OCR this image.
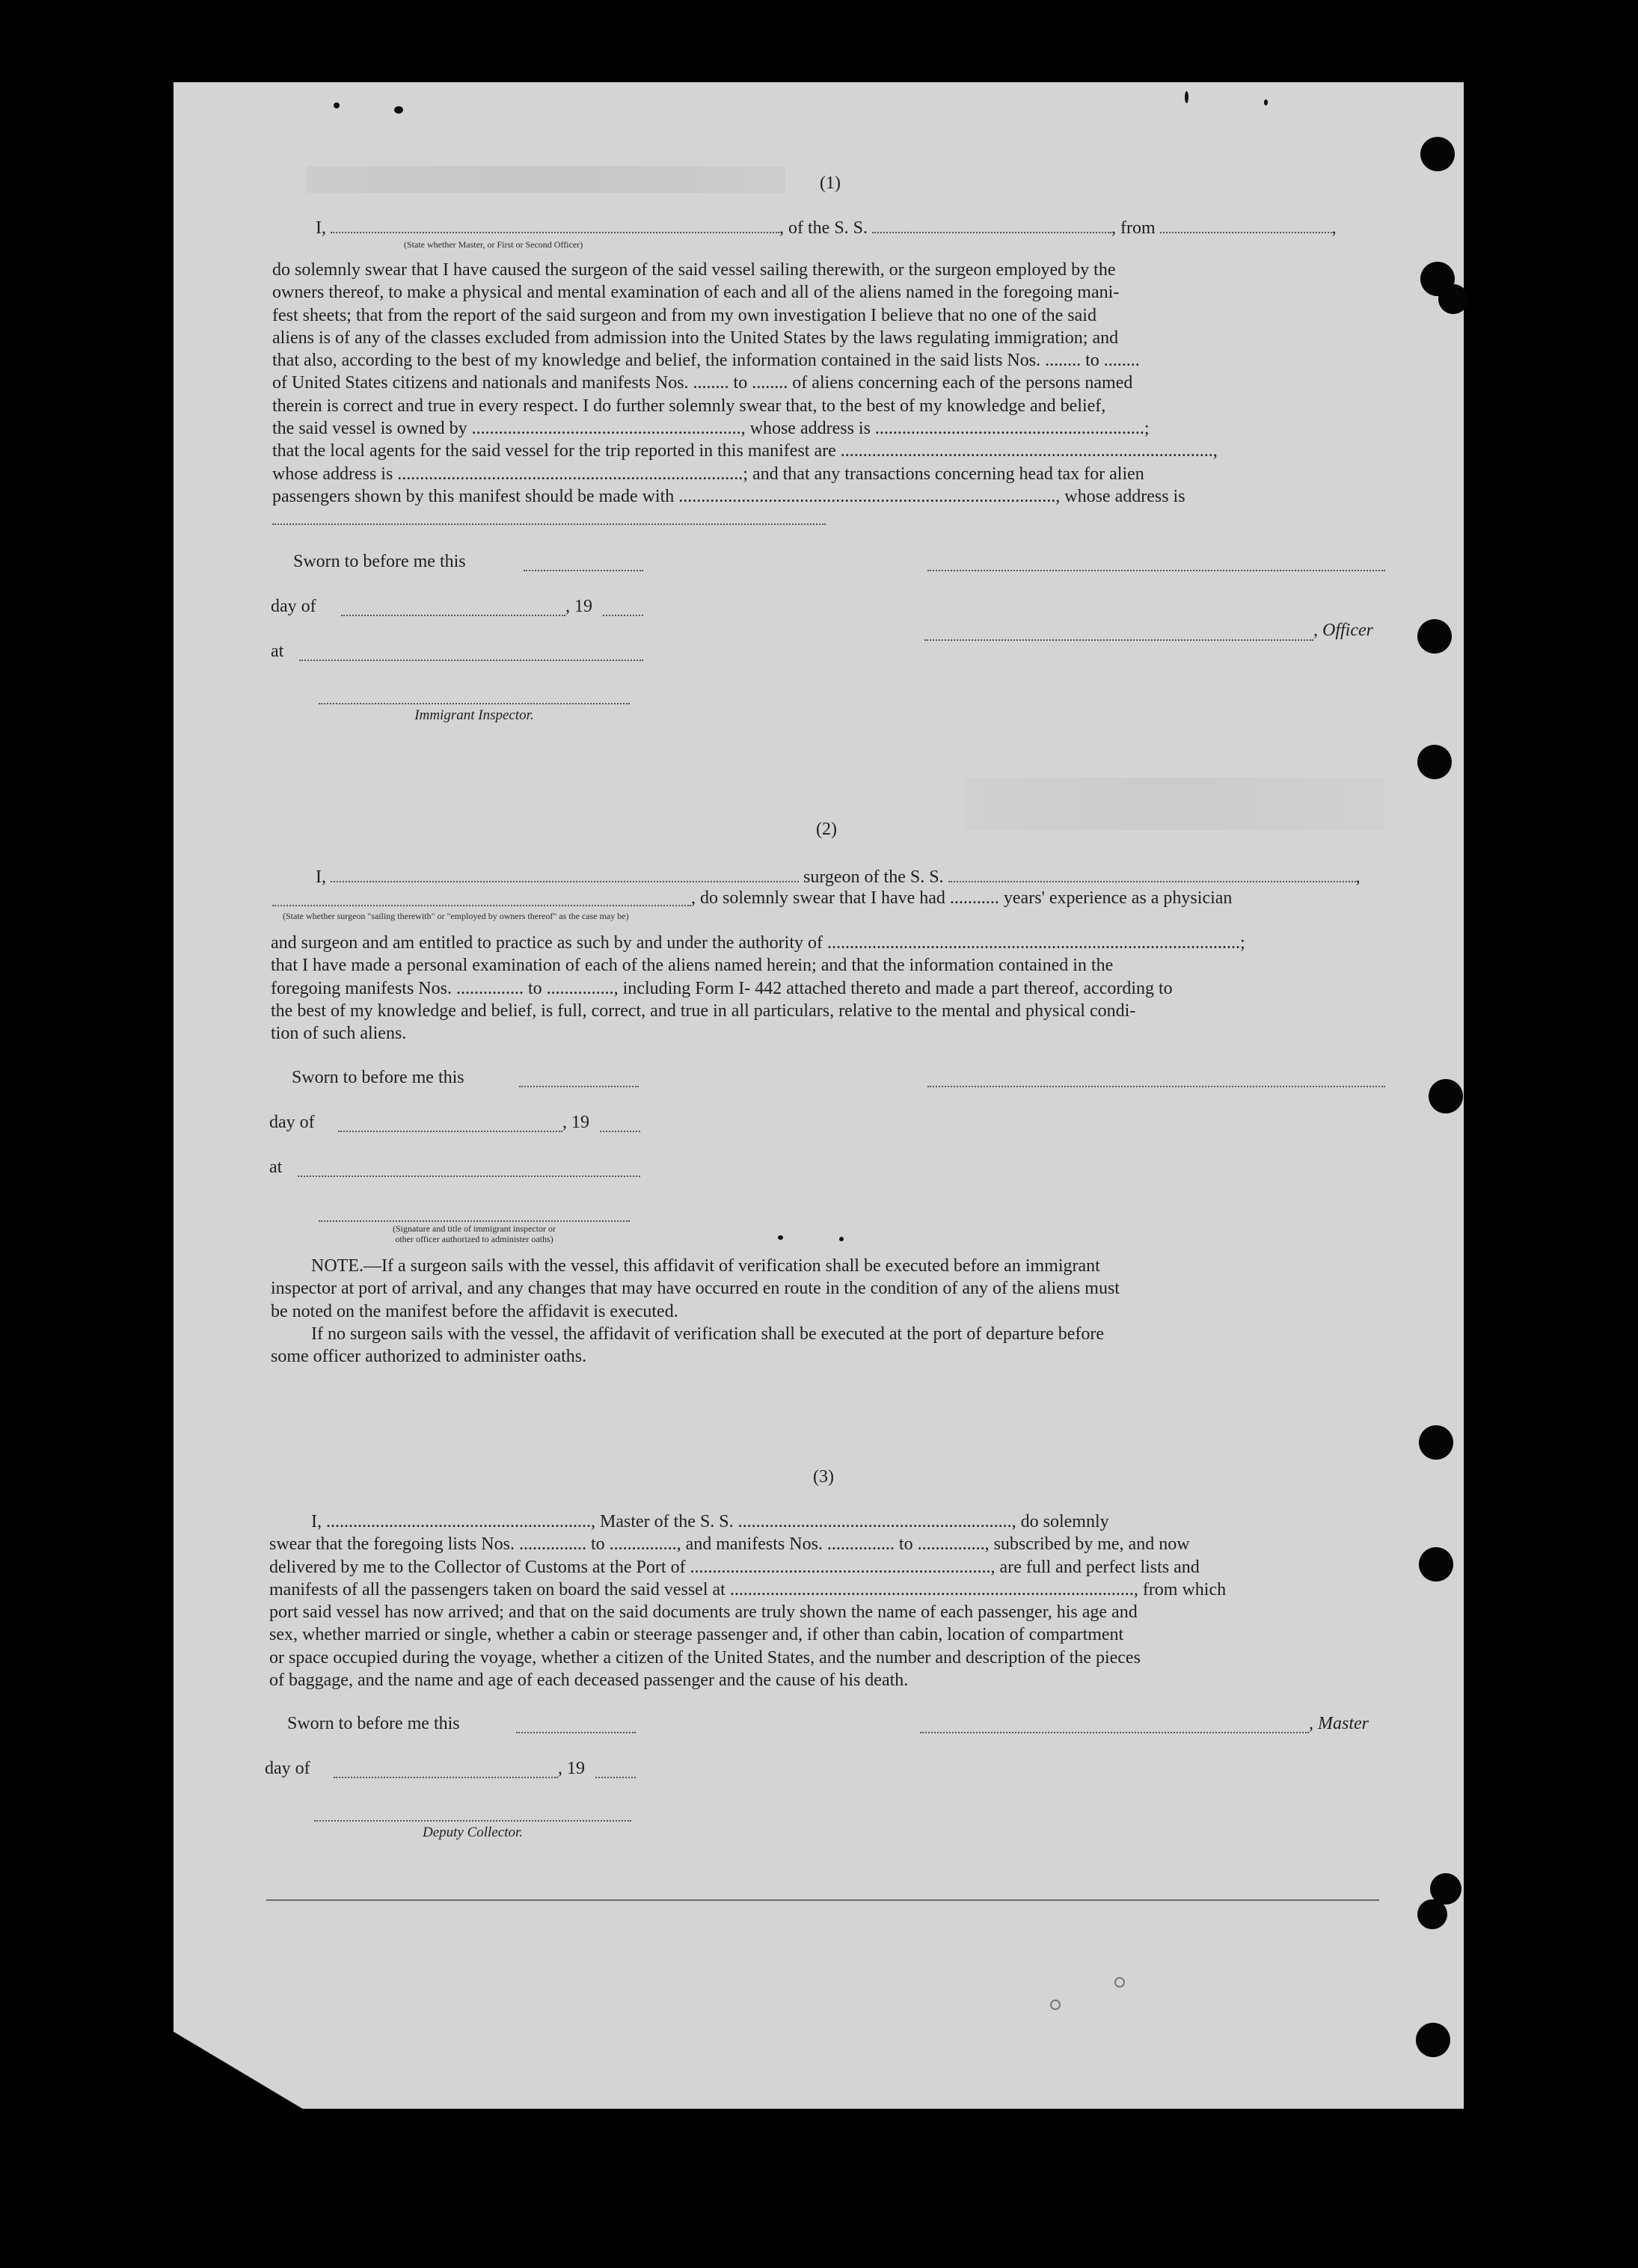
(1)
I,	, of the S. S.	, from	,
(State whether Master, or First or Second Officer)

do solemnly swear that I have caused the surgeon of the said vessel sailing therewith, or the surgeon employed by the

owners thereof, to make a physical and mental examination of each and all of the aliens named in the foregoing mani-

fest sheets; that from the report of the said surgeon and from my own investigation I believe that no one of the said

aliens is of any of the classes excluded from admission into the United States by the laws regulating immigration; and

that also, according to the best of my knowledge and belief, the information contained in the said lists Nos. ........ to ........

of United States citizens and nationals and manifests Nos. ........ to ........ of aliens concerning each of the persons named

therein is correct and true in every respect. I do further solemnly swear that, to the best of my knowledge and belief,

the said vessel is owned by ............................................................, whose address is ............................................................;

that the local agents for the said vessel for the trip reported in this manifest are ...................................................................................,

whose address is .............................................................................; and that any transactions concerning head tax for alien

passengers shown by this manifest should be made with ...................................................................................., whose address is

Sworn to before me this
day of	, 19
, Officer
at
Immigrant Inspector.
(2)
I,	surgeon of the S. S.	,
, do solemnly swear that I have had ........... years' experience as a physician
(State whether surgeon "sailing therewith" or "employed by owners thereof" as the case may be)

and surgeon and am entitled to practice as such by and under the authority of ............................................................................................;

that I have made a personal examination of each of the aliens named herein; and that the information contained in the

foregoing manifests Nos. ............... to ..............., including Form I- 442 attached thereto and made a part thereof, according to

the best of my knowledge and belief, is full, correct, and true in all particulars, relative to the mental and physical condi-

tion of such aliens.

Sworn to before me this
day of	, 19
at
(Signature and title of immigrant inspector or
other officer authorized to administer oaths)

NOTE.—If a surgeon sails with the vessel, this affidavit of verification shall be executed before an immigrant

inspector at port of arrival, and any changes that may have occurred en route in the condition of any of the aliens must

be noted on the manifest before the affidavit is executed.

If no surgeon sails with the vessel, the affidavit of verification shall be executed at the port of departure before

some officer authorized to administer oaths.

(3)

I, ..........................................................., Master of the S. S. ............................................................., do solemnly

swear that the foregoing lists Nos. ............... to ..............., and manifests Nos. ............... to ..............., subscribed by me, and now

delivered by me to the Collector of Customs at the Port of ..................................................................., are full and perfect lists and

manifests of all the passengers taken on board the said vessel at .........................................................................................., from which

port said vessel has now arrived; and that on the said documents are truly shown the name of each passenger, his age and

sex, whether married or single, whether a cabin or steerage passenger and, if other than cabin, location of compartment

or space occupied during the voyage, whether a citizen of the United States, and the number and description of the pieces

of baggage, and the name and age of each deceased passenger and the cause of his death.

Sworn to before me this	, Master
day of	, 19
Deputy Collector.
